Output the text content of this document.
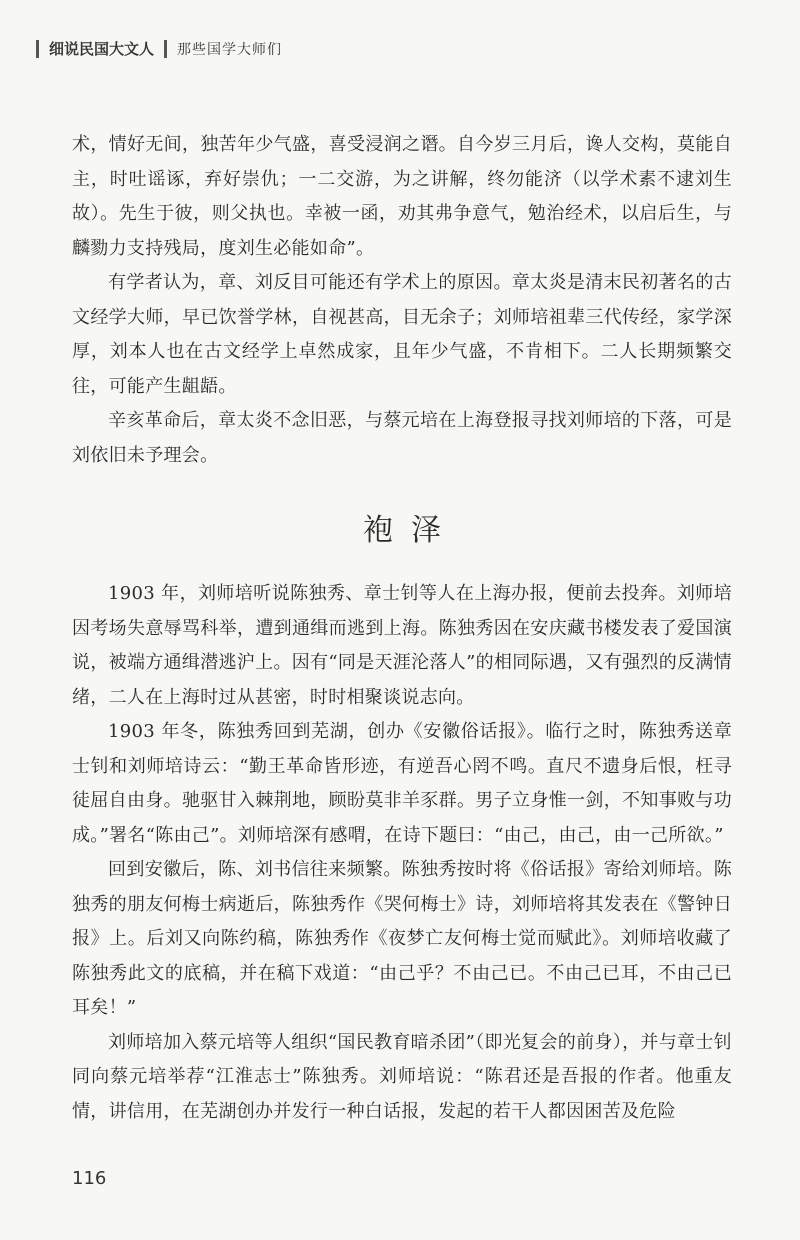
细说民国大文人 那些国学大师们

术，情好无间，独苦年少气盛，喜受浸润之谮。自今岁三月后，谗人交构，莫能自主，时吐谣诼，弃好崇仇；一二交游，为之讲解，终勿能济（以学术素不逮刘生故）。先生于彼，则父执也。幸被一函，劝其弗争意气，勉治经术，以启后生，与麟勠力支持残局，度刘生必能如命”。

有学者认为，章、刘反目可能还有学术上的原因。章太炎是清末民初著名的古文经学大师，早已饮誉学林，自视甚高，目无余子；刘师培祖辈三代传经，家学深厚，刘本人也在古文经学上卓然成家，且年少气盛，不肯相下。二人长期频繁交往，可能产生龃龉。

辛亥革命后，章太炎不念旧恶，与蔡元培在上海登报寻找刘师培的下落，可是刘依旧未予理会。

袍泽

1903 年，刘师培听说陈独秀、章士钊等人在上海办报，便前去投奔。刘师培因考场失意辱骂科举，遭到通缉而逃到上海。陈独秀因在安庆藏书楼发表了爱国演说，被端方通缉潜逃沪上。因有“同是天涯沦落人”的相同际遇，又有强烈的反满情绪，二人在上海时过从甚密，时时相聚谈说志向。

1903 年冬，陈独秀回到芜湖，创办《安徽俗话报》。临行之时，陈独秀送章士钊和刘师培诗云：“勤王革命皆形迹，有逆吾心罔不鸣。直尺不遗身后恨，枉寻徒屈自由身。驰驱甘入棘荆地，顾盼莫非羊豕群。男子立身惟一剑，不知事败与功成。”署名“陈由己”。刘师培深有感喟，在诗下题曰：“由己，由己，由一己所欲。”

回到安徽后，陈、刘书信往来频繁。陈独秀按时将《俗话报》寄给刘师培。陈独秀的朋友何梅士病逝后，陈独秀作《哭何梅士》诗，刘师培将其发表在《警钟日报》上。后刘又向陈约稿，陈独秀作《夜梦亡友何梅士觉而赋此》。刘师培收藏了陈独秀此文的底稿，并在稿下戏道：“由己乎？不由己已。不由己已耳，不由己已耳矣！”

刘师培加入蔡元培等人组织“国民教育暗杀团”（即光复会的前身），并与章士钊同向蔡元培举荐“江淮志士”陈独秀。刘师培说：“陈君还是吾报的作者。他重友情，讲信用，在芜湖创办并发行一种白话报，发起的若干人都因困苦及危险

116
